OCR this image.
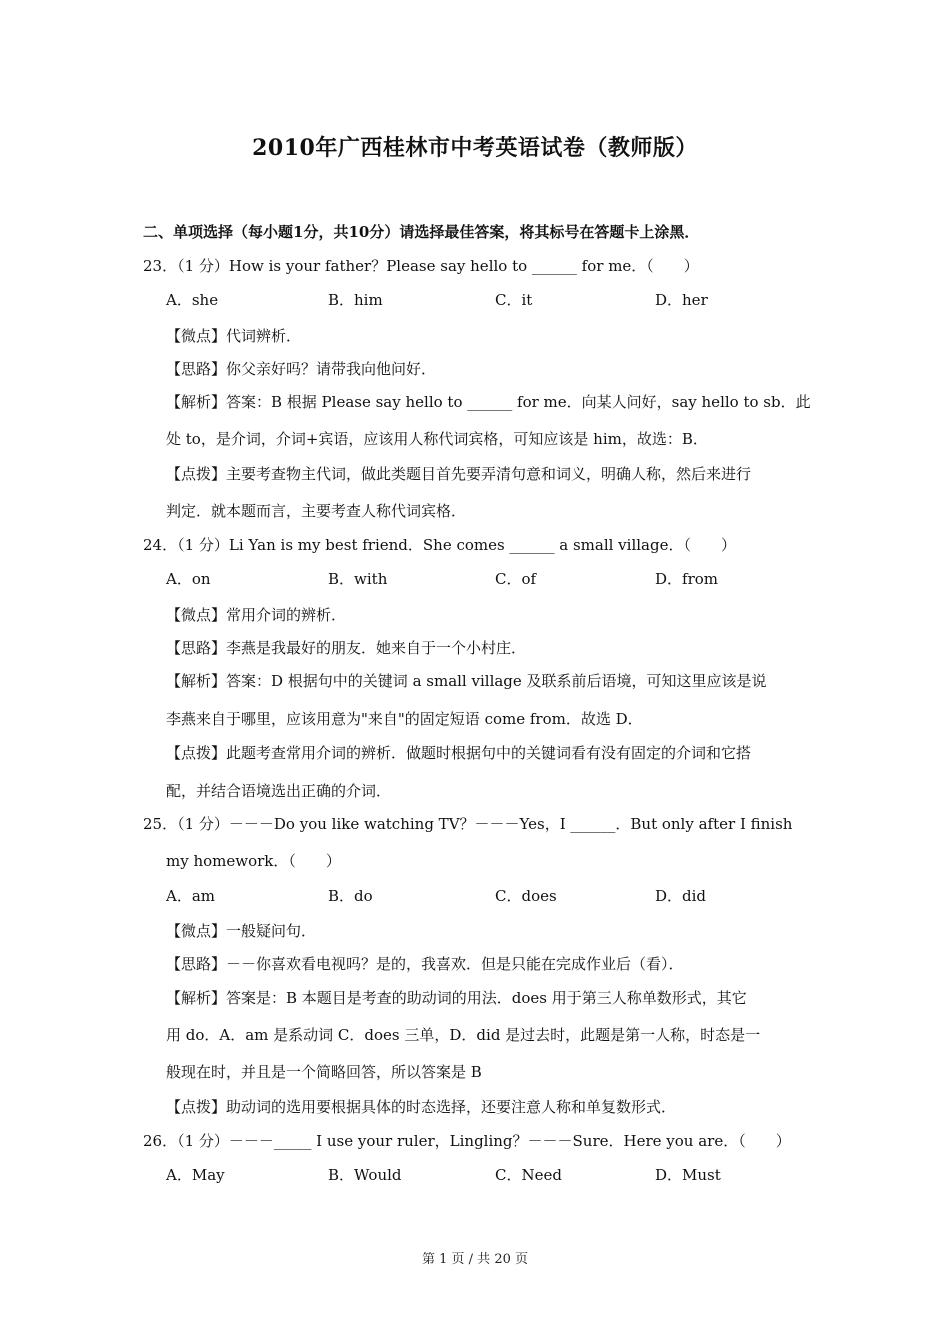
2010年广西桂林市中考英语试卷（教师版）
二、单项选择（每小题1分，共10分）请选择最佳答案，将其标号在答题卡上涂黑．
23．（1 分）How is your father？Please say hello to ______ for me．（　　）
A．she	B．him	C．it	D．her
【微点】代词辨析．
【思路】你父亲好吗？请带我向他问好．
【解析】答案：B 根据 Please say hello to ______ for me．向某人问好，say hello to sb．此
处 to，是介词，介词+宾语，应该用人称代词宾格，可知应该是 him，故选：B．
【点拨】主要考查物主代词，做此类题目首先要弄清句意和词义，明确人称，然后来进行
判定．就本题而言，主要考查人称代词宾格．
24．（1 分）Li Yan is my best friend．She comes ______ a small village．（　　）
A．on	B．with	C．of	D．from
【微点】常用介词的辨析．
【思路】李燕是我最好的朋友．她来自于一个小村庄．
【解析】答案：D 根据句中的关键词 a small village 及联系前后语境，可知这里应该是说
李燕来自于哪里，应该用意为"来自"的固定短语 come from．故选 D．
【点拨】此题考查常用介词的辨析．做题时根据句中的关键词看有没有固定的介词和它搭
配，并结合语境选出正确的介词．
25．（1 分）－－－Do you like watching TV？－－－Yes，I ______．But only after I finish
my homework．（　　）
A．am	B．do	C．does	D．did
【微点】一般疑问句．
【思路】－－你喜欢看电视吗？是的，我喜欢．但是只能在完成作业后（看）．
【解析】答案是：B 本题目是考查的助动词的用法．does 用于第三人称单数形式，其它
用 do．A．am 是系动词 C．does 三单，D．did 是过去时，此题是第一人称，时态是一
般现在时，并且是一个简略回答，所以答案是 B
【点拨】助动词的选用要根据具体的时态选择，还要注意人称和单复数形式．
26．（1 分）－－－_____ I use your ruler，Lingling？－－－Sure．Here you are．（　　）
A．May	B．Would	C．Need	D．Must
第 1 页 / 共 20 页
